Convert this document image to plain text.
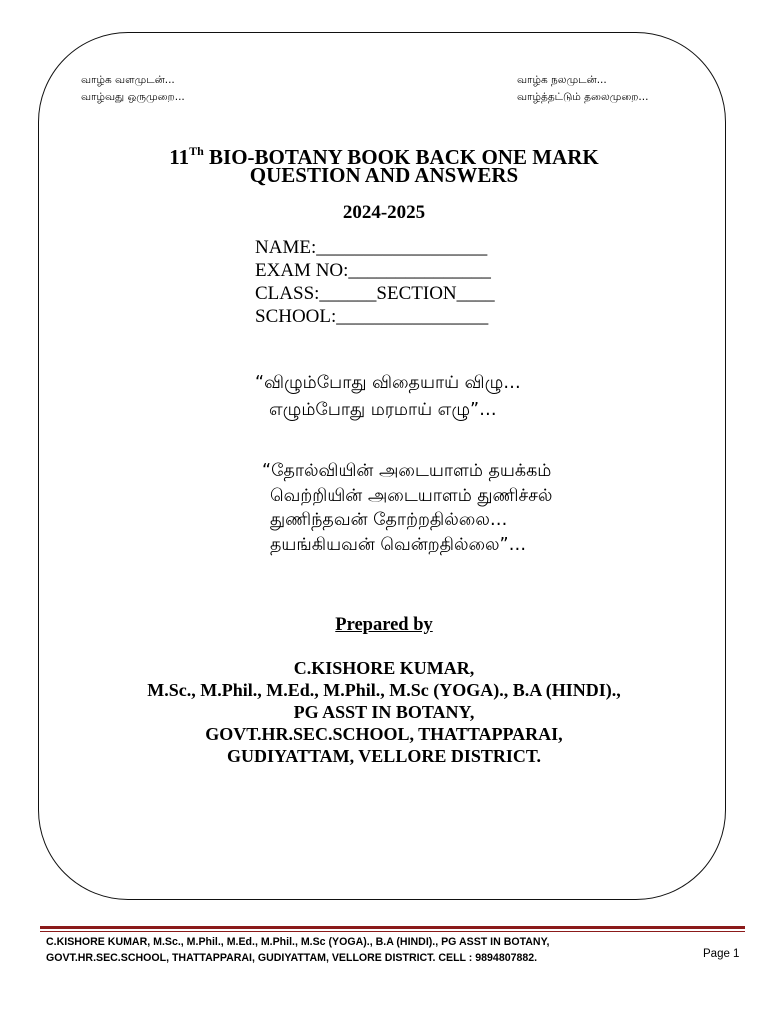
வாழ்க வளமுடன்...
வாழ்வது ஒருமுறை...
வாழ்க நலமுடன்...
வாழ்த்தட்டும் தலைமுறை...
11Th BIO-BOTANY BOOK BACK ONE MARK
QUESTION AND ANSWERS
2024-2025
NAME:__________________
EXAM NO:_______________
CLASS:______SECTION____
SCHOOL:________________
“விழும்போது விதையாய் விழு…
எழும்போது மரமாய் எழு”…
“தோல்வியின் அடையாளம் தயக்கம்
வெற்றியின் அடையாளம் துணிச்சல்
துணிந்தவன் தோற்றதில்லை…
தயங்கியவன் வென்றதில்லை”…
Prepared by
C.KISHORE KUMAR,
M.Sc., M.Phil., M.Ed., M.Phil., M.Sc (YOGA)., B.A (HINDI).,
PG ASST IN BOTANY,
GOVT.HR.SEC.SCHOOL, THATTAPPARAI,
GUDIYATTAM, VELLORE DISTRICT.
C.KISHORE KUMAR, M.Sc., M.Phil., M.Ed., M.Phil., M.Sc (YOGA)., B.A (HINDI)., PG ASST IN BOTANY,
GOVT.HR.SEC.SCHOOL, THATTAPPARAI, GUDIYATTAM, VELLORE DISTRICT. CELL : 9894807882.	Page 1
